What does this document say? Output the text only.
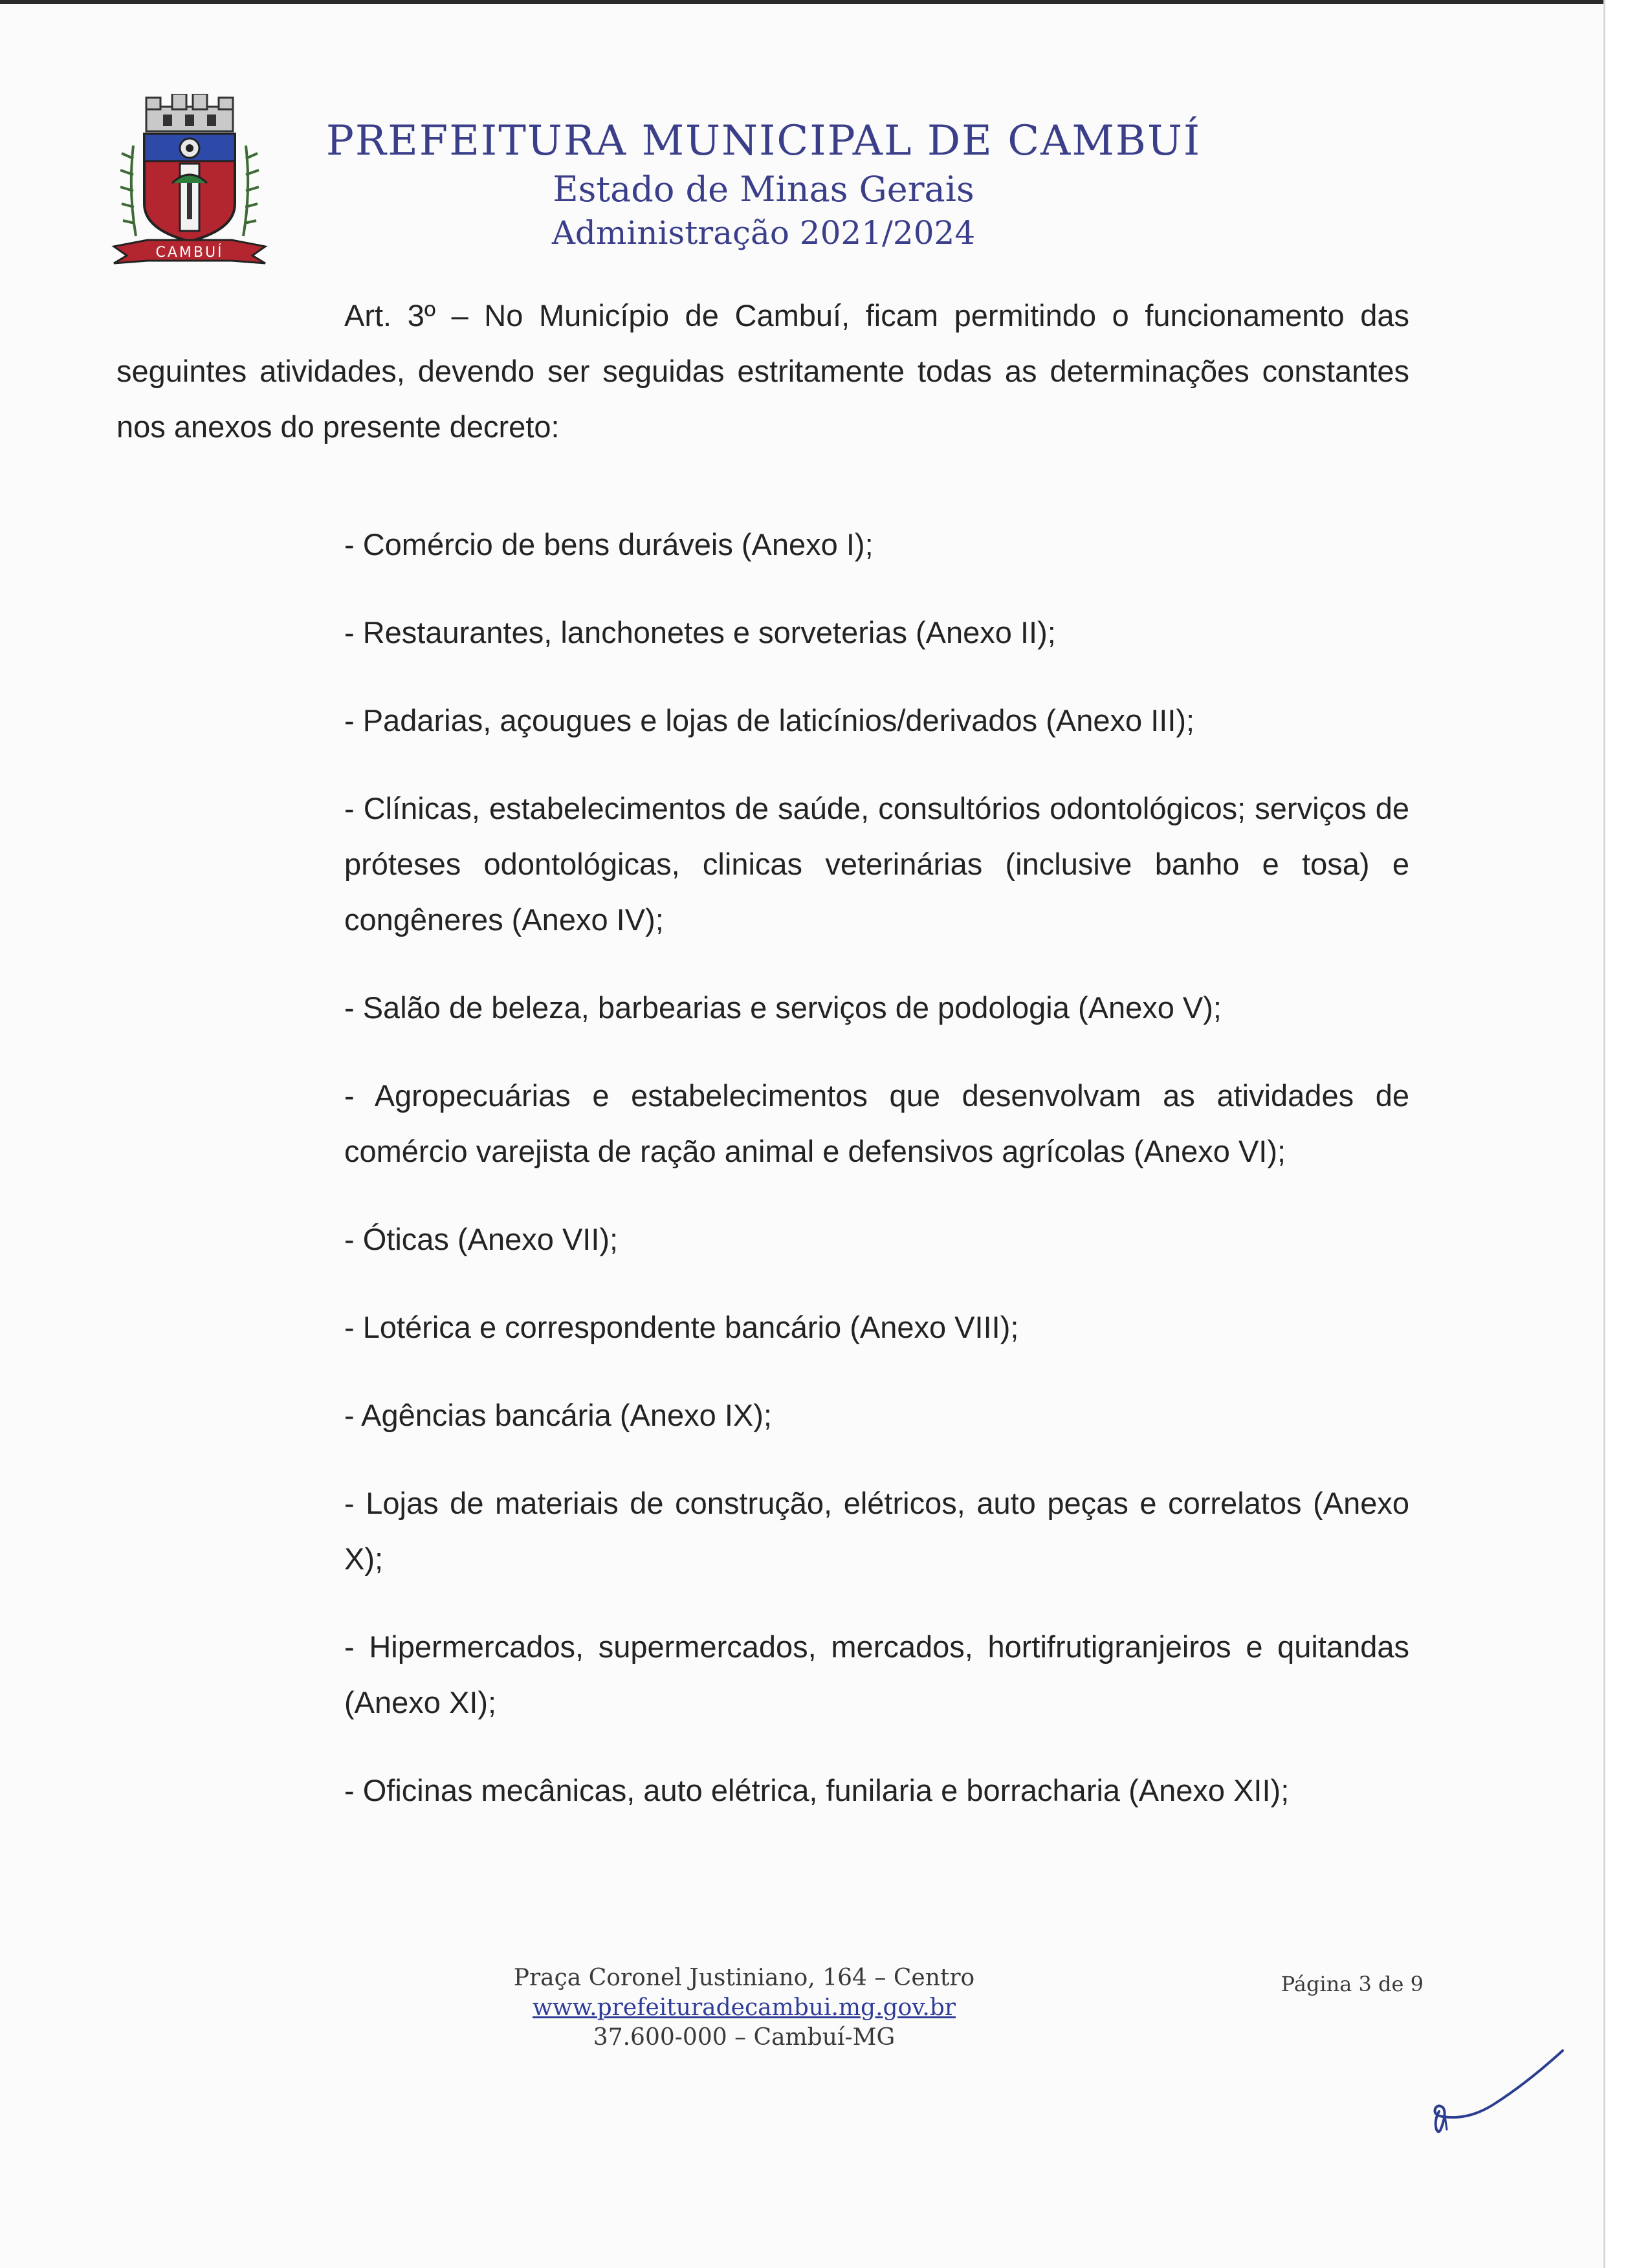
CAMBUÍ
PREFEITURA MUNICIPAL DE CAMBUÍ
Estado de Minas Gerais
Administração 2021/2024

Art. 3º – No Município de Cambuí, ficam permitindo o funcionamento das seguintes atividades, devendo ser seguidas estritamente todas as determinações constantes nos anexos do presente decreto:

- Comércio de bens duráveis (Anexo I);

- Restaurantes, lanchonetes e sorveterias (Anexo II);

- Padarias, açougues e lojas de laticínios/derivados (Anexo III);

- Clínicas, estabelecimentos de saúde, consultórios odontológicos; serviços de próteses odontológicas, clinicas veterinárias (inclusive banho e tosa) e congêneres (Anexo IV);

- Salão de beleza, barbearias e serviços de podologia (Anexo V);

- Agropecuárias e estabelecimentos que desenvolvam as atividades de comércio varejista de ração animal e defensivos agrícolas (Anexo VI);

- Óticas (Anexo VII);

- Lotérica e correspondente bancário (Anexo VIII);

- Agências bancária (Anexo IX);

- Lojas de materiais de construção, elétricos, auto peças e correlatos (Anexo X);

- Hipermercados, supermercados, mercados, hortifrutigranjeiros e quitandas (Anexo XI);

- Oficinas mecânicas, auto elétrica, funilaria e borracharia (Anexo XII);

Praça Coronel Justiniano, 164 – Centro
www.prefeituradecambui.mg.gov.br
37.600-000 – Cambuí-MG
Página 3 de 9
